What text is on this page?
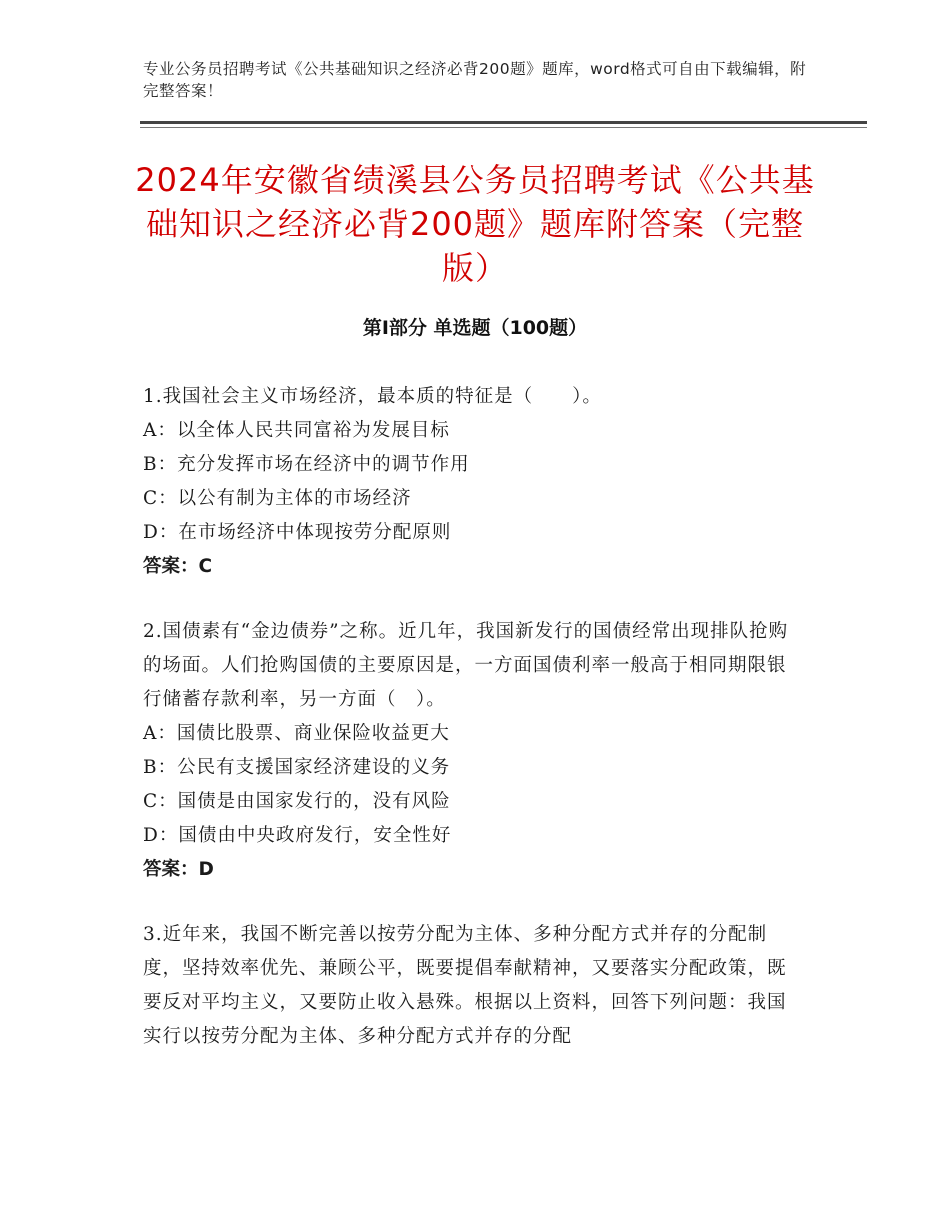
专业公务员招聘考试《公共基础知识之经济必背200题》题库，word格式可自由下载编辑，附完整答案！
2024年安徽省绩溪县公务员招聘考试《公共基础知识之经济必背200题》题库附答案（完整版）
第Ⅰ部分 单选题（100题）
1.我国社会主义市场经济，最本质的特征是（　　）。
A：以全体人民共同富裕为发展目标
B：充分发挥市场在经济中的调节作用
C：以公有制为主体的市场经济
D：在市场经济中体现按劳分配原则
答案：C
2.国债素有“金边债券”之称。近几年，我国新发行的国债经常出现排队抢购的场面。人们抢购国债的主要原因是，一方面国债利率一般高于相同期限银行储蓄存款利率，另一方面（　）。
A：国债比股票、商业保险收益更大
B：公民有支援国家经济建设的义务
C：国债是由国家发行的，没有风险
D：国债由中央政府发行，安全性好
答案：D
3.近年来，我国不断完善以按劳分配为主体、多种分配方式并存的分配制度，坚持效率优先、兼顾公平，既要提倡奉献精神，又要落实分配政策，既要反对平均主义，又要防止收入悬殊。根据以上资料，回答下列问题：我国实行以按劳分配为主体、多种分配方式并存的分配
